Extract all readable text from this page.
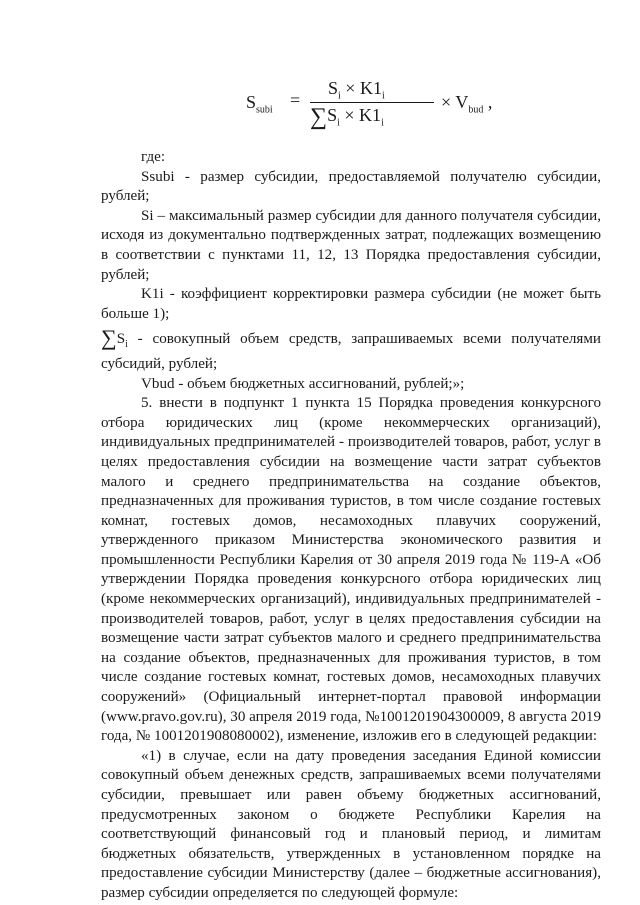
$S_{subi}$
=
$S_i \times K1_i$
$\sum S_i \times K1_i$
× $V_{bud}$ ,

где:

Ssubi - размер субсидии, предоставляемой получателю субсидии, рублей;

Si – максимальный размер субсидии для данного получателя субсидии, исходя из документально подтвержденных затрат, подлежащих возмещению в соответствии с пунктами 11, 12, 13 Порядка предоставления субсидии, рублей;

K1i - коэффициент корректировки размера субсидии (не может быть больше 1);

$\sum S_i$ - совокупный объем средств, запрашиваемых всеми получателями субсидий, рублей;

Vbud - объем бюджетных ассигнований, рублей;»;

5. внести в подпункт 1 пункта 15 Порядка проведения конкурсного отбора юридических лиц (кроме некоммерческих организаций), индивидуальных предпринимателей - производителей товаров, работ, услуг в целях предоставления субсидии на возмещение части затрат субъектов малого и среднего предпринимательства на создание объектов, предназначенных для проживания туристов, в том числе создание гостевых комнат, гостевых домов, несамоходных плавучих сооружений, утвержденного приказом Министерства экономического развития и промышленности Республики Карелия от 30 апреля 2019 года № 119-А «Об утверждении Порядка проведения конкурсного отбора юридических лиц (кроме некоммерческих организаций), индивидуальных предпринимателей - производителей товаров, работ, услуг в целях предоставления субсидии на возмещение части затрат субъектов малого и среднего предпринимательства на создание объектов, предназначенных для проживания туристов, в том числе создание гостевых комнат, гостевых домов, несамоходных плавучих сооружений» (Официальный интернет-портал правовой информации (www.pravo.gov.ru), 30 апреля 2019 года, №1001201904300009, 8 августа 2019 года, № 1001201908080002), изменение, изложив его в следующей редакции:

«1) в случае, если на дату проведения заседания Единой комиссии совокупный объем денежных средств, запрашиваемых всеми получателями субсидии, превышает или равен объему бюджетных ассигнований, предусмотренных законом о бюджете Республики Карелия на соответствующий финансовый год и плановый период, и лимитам бюджетных обязательств, утвержденных в установленном порядке на предоставление субсидии Министерству (далее – бюджетные ассигнования), размер субсидии определяется по следующей формуле:
